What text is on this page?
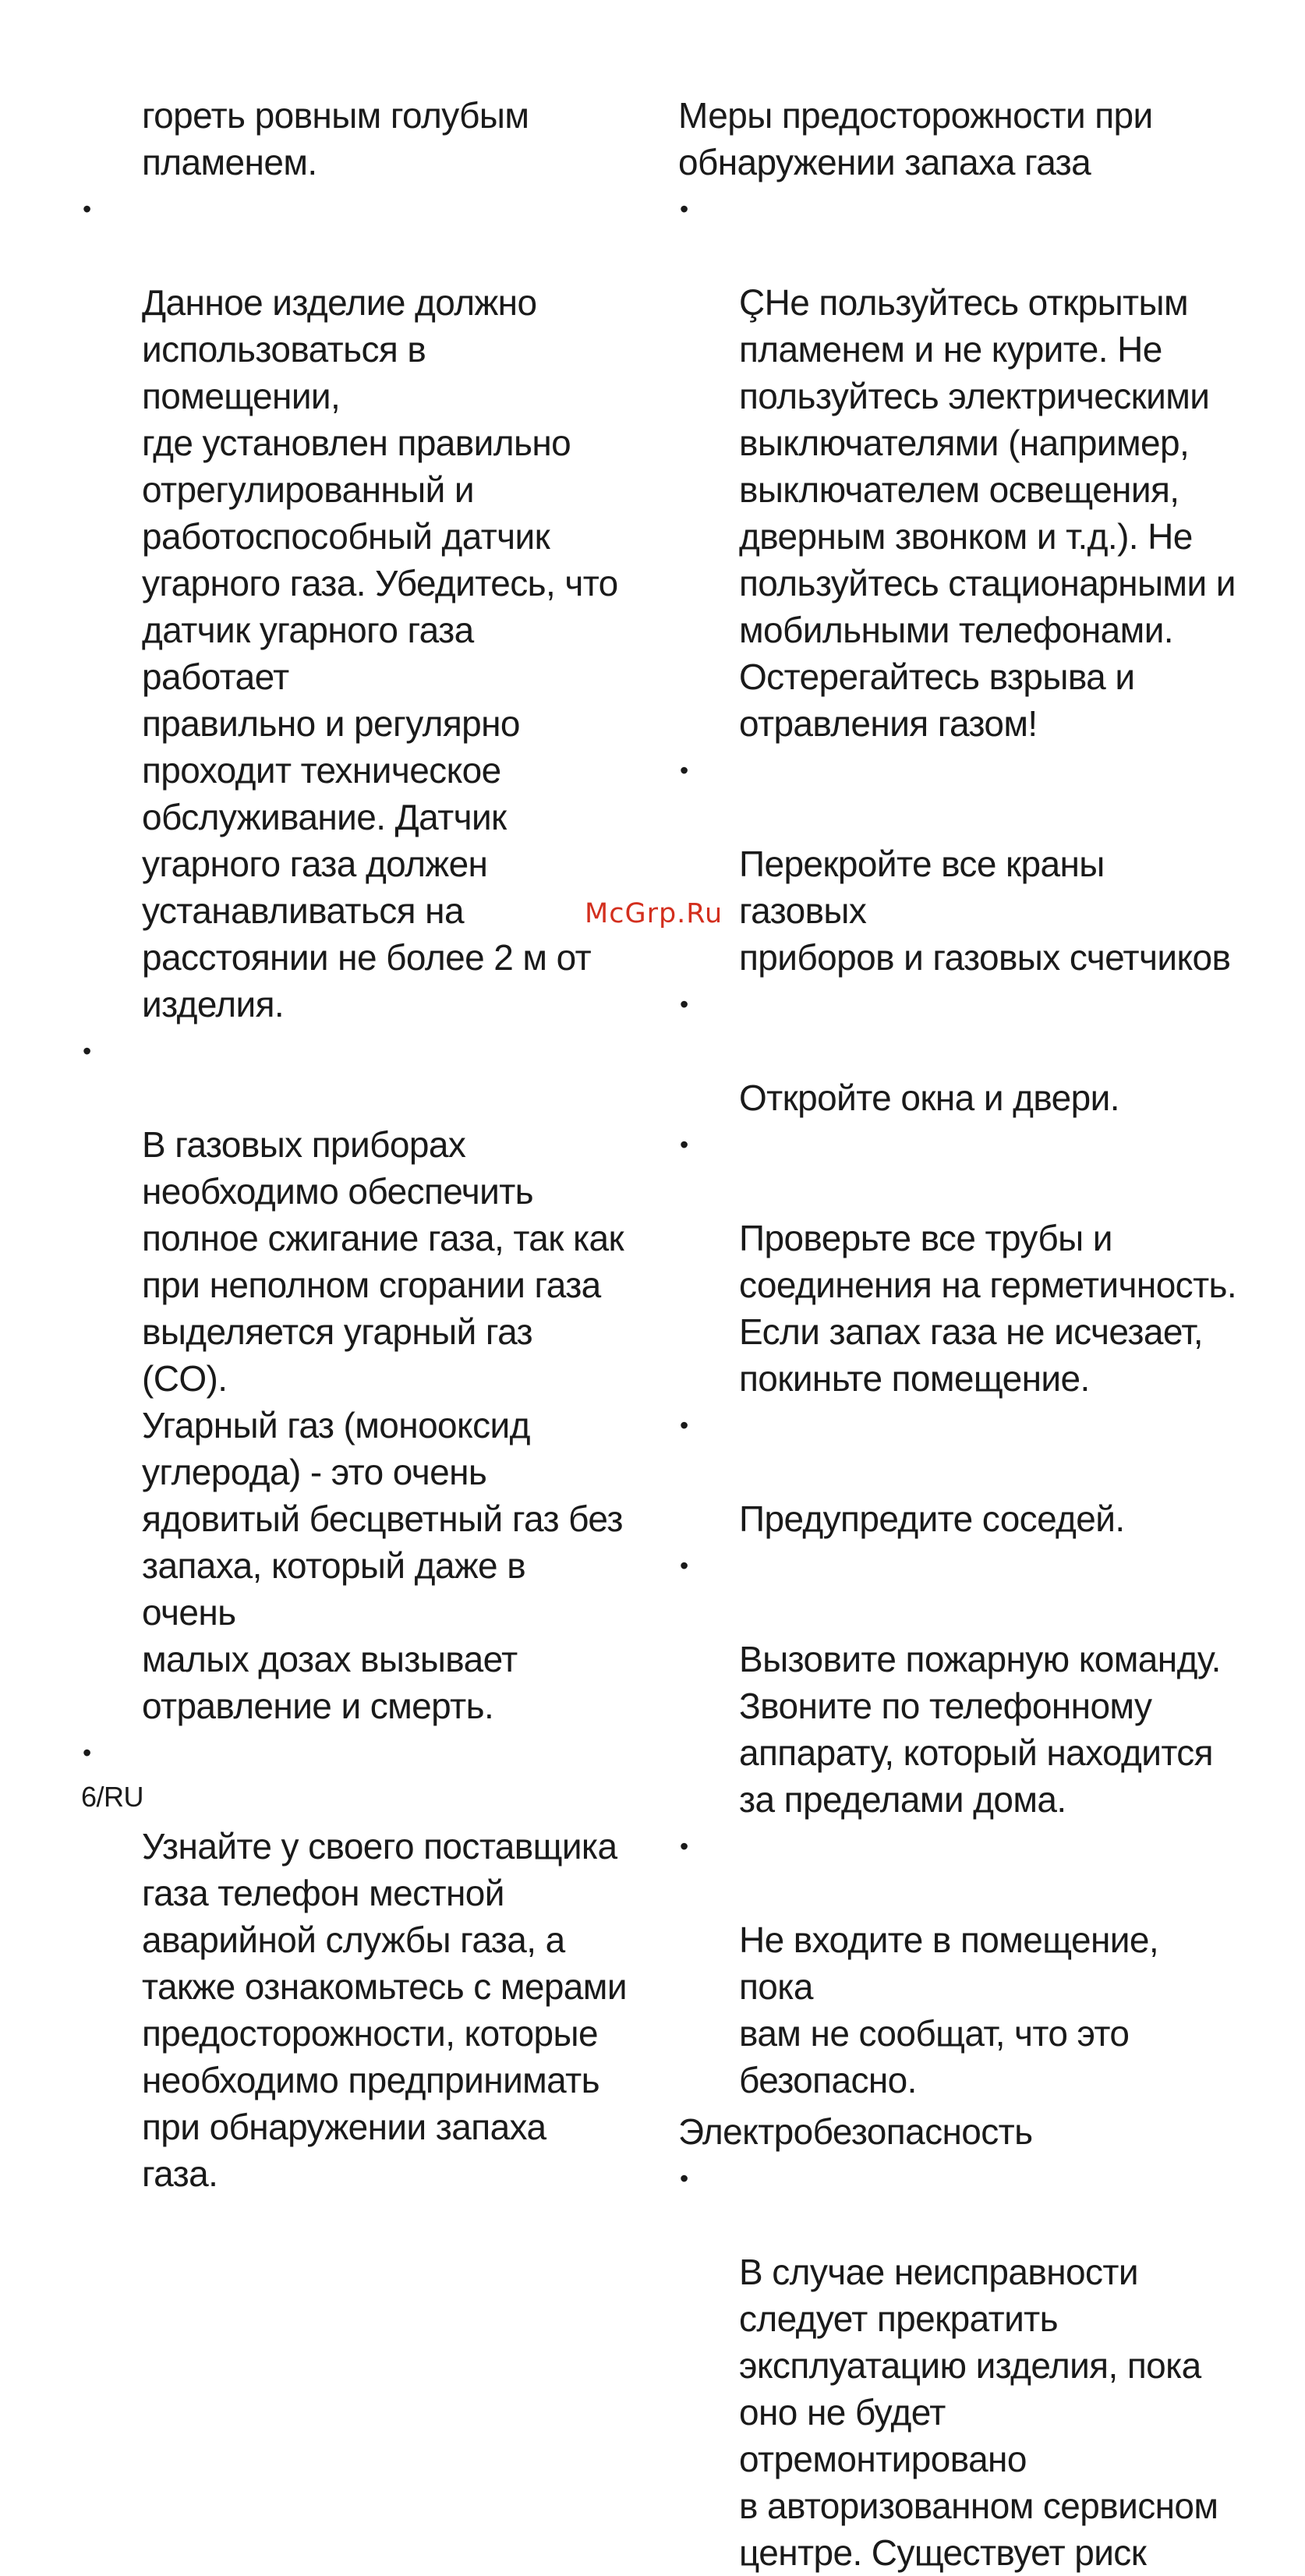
гореть ровным голубым
пламенем.

•

Данное изделие должно
использоваться в помещении,
где установлен правильно
отрегулированный и
работоспособный датчик
угарного газа. Убедитесь, что
датчик угарного газа работает
правильно и регулярно
проходит техническое
обслуживание. Датчик
угарного газа должен
устанавливаться на
расстоянии не более 2 м от
изделия.

•

В газовых приборах
необходимо обеспечить
полное сжигание газа, так как
при неполном сгорании газа
выделяется угарный газ (CO).
Угарный газ (монооксид
углерода) - это очень
ядовитый бесцветный газ без
запаха, который даже в очень
малых дозах вызывает
отравление и смерть.

•

Узнайте у своего поставщика
газа телефон местной
аварийной службы газа, а
также ознакомьтесь с мерами
предосторожности, которые
необходимо предпринимать
при обнаружении запаха газа.

Меры предосторожности при
обнаружении запаха газа

•

ÇНе пользуйтесь открытым
пламенем и не курите. Не
пользуйтесь электрическими
выключателями (например,
выключателем освещения,
дверным звонком и т.д.). Не
пользуйтесь стационарными и
мобильными телефонами.
Остерегайтесь взрыва и
отравления газом!

•

Перекройте все краны газовых
приборов и газовых счетчиков

•

Откройте окна и двери.

•

Проверьте все трубы и
соединения на герметичность.
Если запах газа не исчезает,
покиньте помещение.

•

Предупредите соседей.

•

Вызовите пожарную команду.
Звоните по телефонному
аппарату, который находится
за пределами дома.

•

Не входите в помещение, пока
вам не сообщат, что это
безопасно.

Электробезопасность

•

В случае неисправности
следует прекратить
эксплуатацию изделия, пока
оно не будет отремонтировано
в авторизованном сервисном
центре. Существует риск

McGrp.Ru
6/RU
